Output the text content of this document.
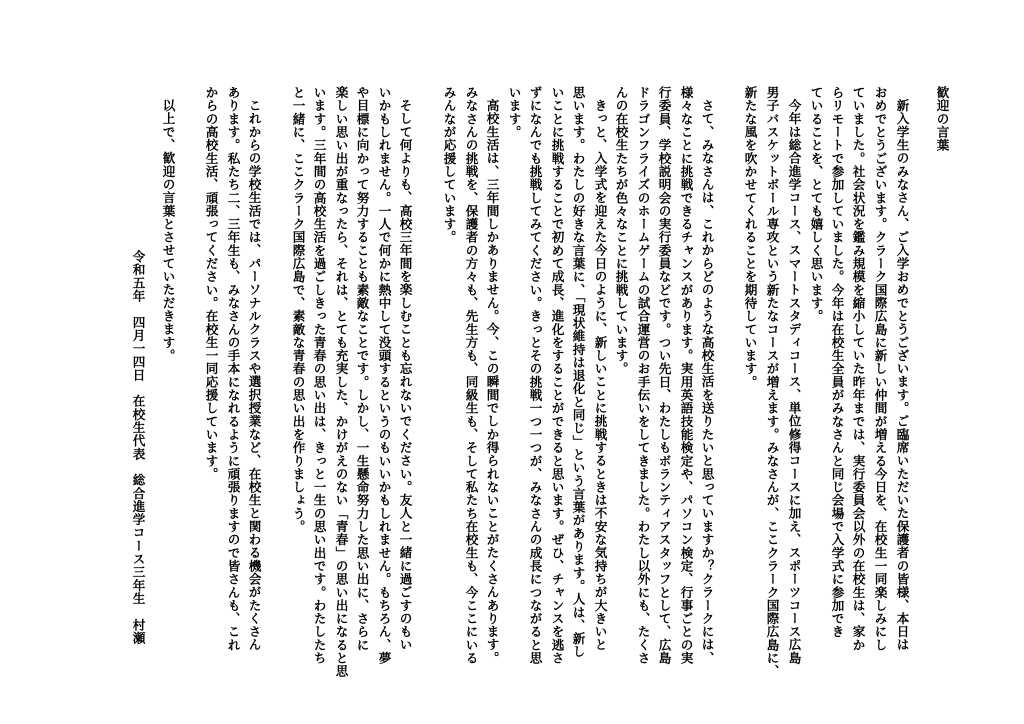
歓迎の言葉
新入学生のみなさん、ご入学おめでとうございます。ご臨席いただいた保護者の皆様、本日は
おめでとうございます。クラーク国際広島に新しい仲間が増える今日を、在校生一同楽しみにし
ていました。社会状況を鑑み規模を縮小していた昨年までは、実行委員会以外の在校生は、家か
らリモートで参加していました。今年は在校生全員がみなさんと同じ会場で入学式に参加でき
ていることを、とても嬉しく思います。
今年は総合進学コース、スマートスタディコース、単位修得コースに加え、スポーツコース広島
男子バスケットボール専攻という新たなコースが増えます。みなさんが、ここクラーク国際広島に、
新たな風を吹かせてくれることを期待しています。
さて、みなさんは、これからどのような高校生活を送りたいと思っていますか？クラークには、
様々なことに挑戦できるチャンスがあります。実用英語技能検定や、パソコン検定、行事ごとの実
行委員、学校説明会の実行委員などです。つい先日、わたしもボランティアスタッフとして、広島
ドラゴンフライズのホームゲームの試合運営のお手伝いをしてきました。わたし以外にも、たくさ
んの在校生たちが色々なことに挑戦しています。
きっと、入学式を迎えた今日のように、新しいことに挑戦するときは不安な気持ちが大きいと
思います。わたしの好きな言葉に、「現状維持は退化と同じ」という言葉があります。人は、新し
いことに挑戦することで初めて成長、進化をすることができると思います。ぜひ、チャンスを逃さ
ずになんでも挑戦してみてください。きっとその挑戦一つ一つが、みなさんの成長につながると思
います。
高校生活は、三年間しかありません。今、この瞬間でしか得られないことがたくさんあります。
みなさんの挑戦を、保護者の方々も、先生方も、同級生も、そして私たち在校生も、今ここにいる
みんなが応援しています。
そして何よりも、高校三年間を楽しむことも忘れないでください。友人と一緒に過ごすのもい
いかもしれません。一人で何かに熱中して没頭するというのもいいかもしれません。もちろん、夢
や目標に向かって努力することも素敵なことです。しかし、一生懸命努力した思い出に、さらに
楽しい思い出が重なったら、それは、とても充実した、かけがえのない「青春」の思い出になると思
います。三年間の高校生活を過ごしきった青春の思い出は、きっと一生の思い出です。わたしたち
と一緒に、ここクラーク国際広島で、素敵な青春の思い出を作りましょう。
これからの学校生活では、パーソナルクラスや選択授業など、在校生と関わる機会がたくさん
あります。私たち二、三年生も、みなさんの手本になれるように頑張りますので皆さんも、これ
からの高校生活、頑張ってください。在校生一同応援しています。
以上で、歓迎の言葉とさせていただきます。
令和五年　四月一四日　在校生代表　総合進学コース三年生　村瀬
